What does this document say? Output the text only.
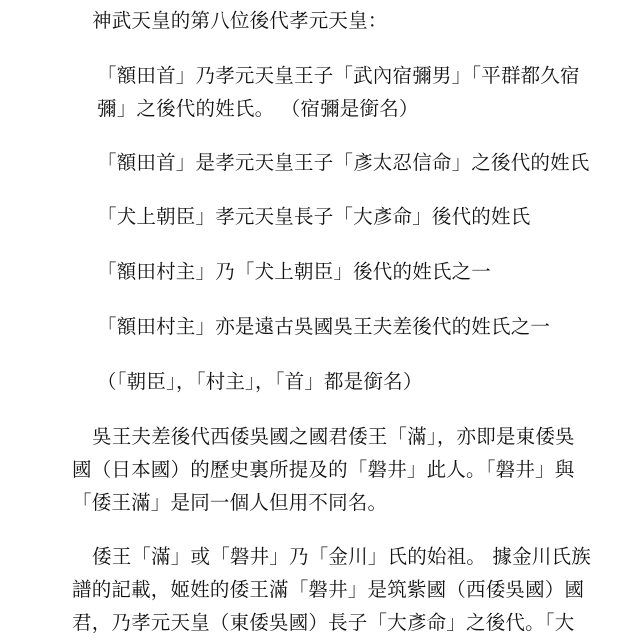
神武天皇的第八位後代孝元天皇：
「額田首」乃孝元天皇王子「武內宿彌男」「平群都久宿
彌」之後代的姓氏。 （宿彌是銜名）
「額田首」是孝元天皇王子「彥太忍信命」之後代的姓氏
「犬上朝臣」孝元天皇長子「大彥命」後代的姓氏
「額田村主」乃「犬上朝臣」後代的姓氏之一
「額田村主」亦是遠古吳國吳王夫差後代的姓氏之一
（「朝臣」，「村主」，「首」都是銜名）
吳王夫差後代西倭吳國之國君倭王「滿」，亦即是東倭吳
國（日本國）的歷史裏所提及的「磐井」此人。「磐井」與
「倭王滿」是同一個人但用不同名。
倭王「滿」或「磐井」乃「金川」氏的始祖。 據金川氏族
譜的記載，姬姓的倭王滿「磐井」是筑紫國（西倭吳國）國
君，乃孝元天皇（東倭吳國）長子「大彥命」之後代。「大
